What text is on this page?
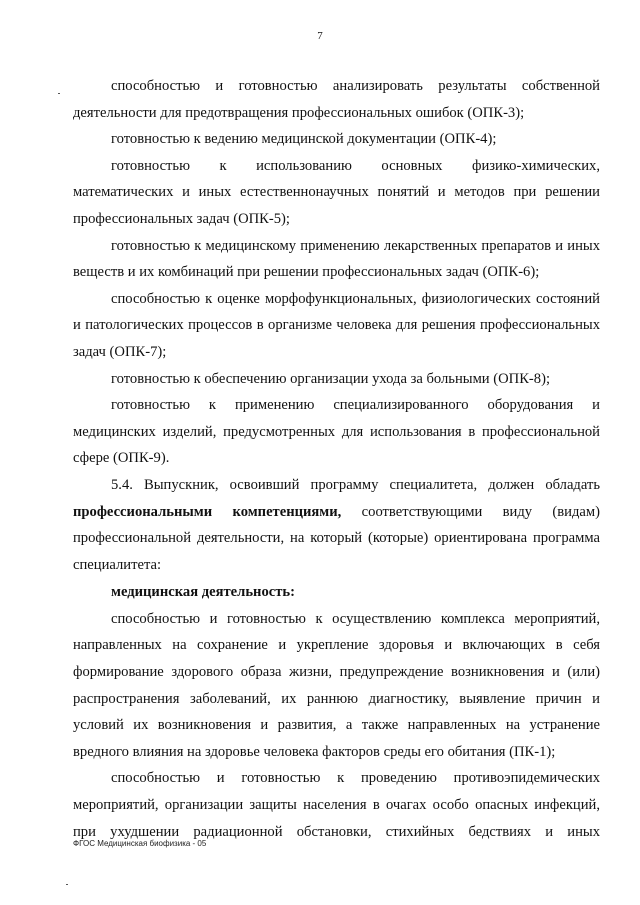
7

способностью и готовностью анализировать результаты собственной деятельности для предотвращения профессиональных ошибок (ОПК-3);

готовностью к ведению медицинской документации (ОПК-4);

готовностью к использованию основных физико-химических, математических и иных естественнонаучных понятий и методов при решении профессиональных задач (ОПК-5);

готовностью к медицинскому применению лекарственных препаратов и иных веществ и их комбинаций при решении профессиональных задач (ОПК-6);

способностью к оценке морфофункциональных, физиологических состояний и патологических процессов в организме человека для решения профессиональных задач (ОПК-7);

готовностью к обеспечению организации ухода за больными (ОПК-8);

готовностью к применению специализированного оборудования и медицинских изделий, предусмотренных для использования в профессиональной сфере (ОПК-9).

5.4. Выпускник, освоивший программу специалитета, должен обладать профессиональными компетенциями, соответствующими виду (видам) профессиональной деятельности, на который (которые) ориентирована программа специалитета:

медицинская деятельность:

способностью и готовностью к осуществлению комплекса мероприятий, направленных на сохранение и укрепление здоровья и включающих в себя формирование здорового образа жизни, предупреждение возникновения и (или) распространения заболеваний, их раннюю диагностику, выявление причин и условий их возникновения и развития, а также направленных на устранение вредного влияния на здоровье человека факторов среды его обитания (ПК-1);

способностью и готовностью к проведению противоэпидемических мероприятий, организации защиты населения в очагах особо опасных инфекций, при ухудшении радиационной обстановки, стихийных бедствиях и иных

ФГОС Медицинская биофизика - 05
